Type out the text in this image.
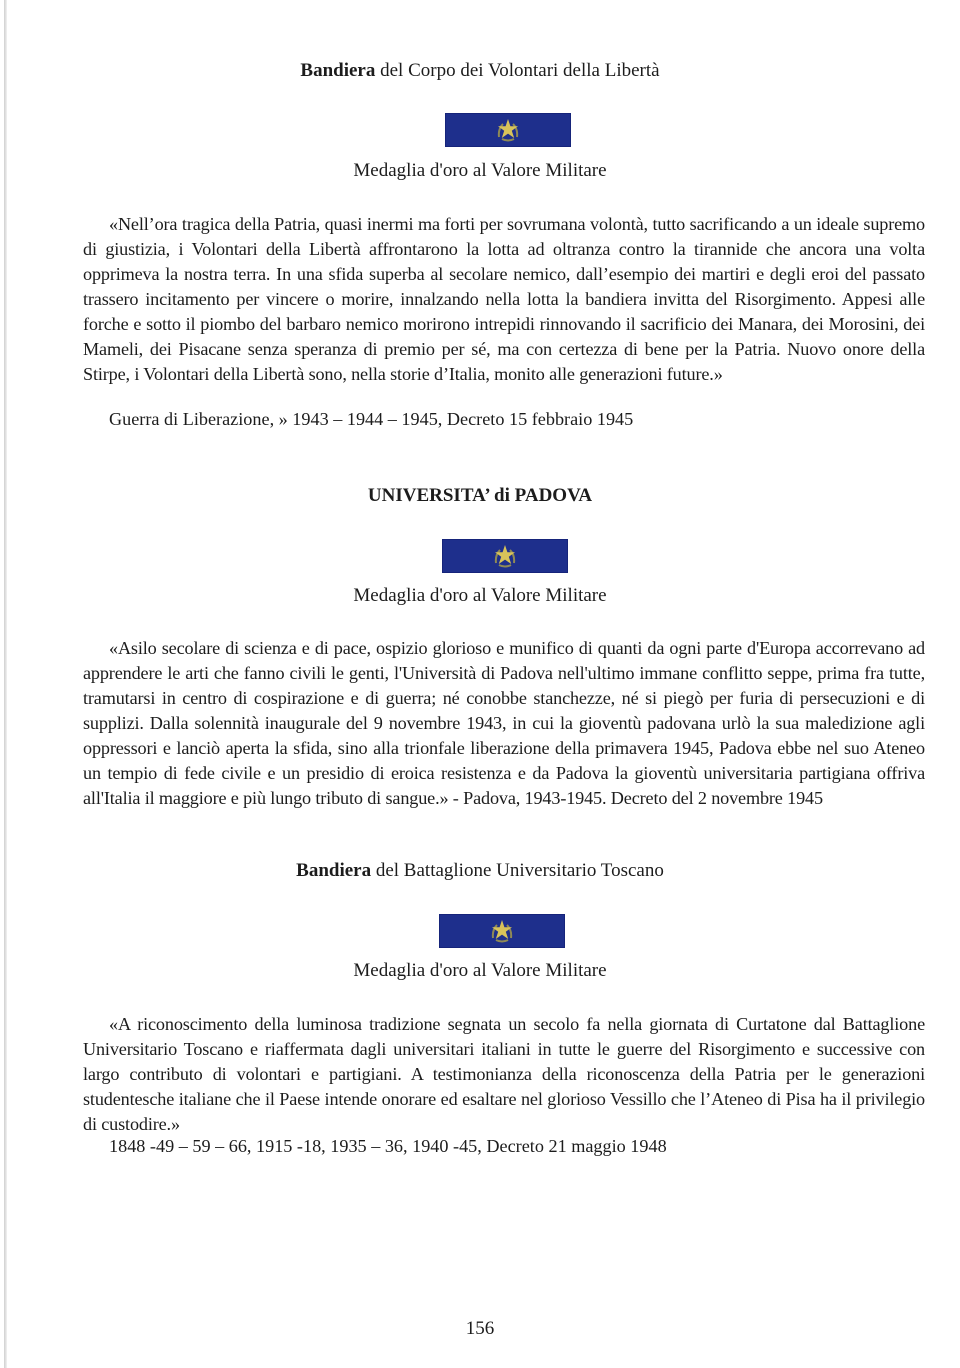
Bandiera del Corpo dei Volontari della Libertà
Medaglia d'oro al Valore Militare
«Nell’ora tragica della Patria, quasi inermi ma forti per sovrumana volontà, tutto sacrificando a un ideale supremo di giustizia, i Volontari della Libertà affrontarono la lotta ad oltranza contro la tirannide che ancora una volta opprimeva la nostra terra. In una sfida superba al secolare nemico, dall’esempio dei martiri e degli eroi del passato trassero incitamento per vincere o morire, innalzando nella lotta la bandiera invitta del Risorgimento. Appesi alle forche e sotto il piombo del barbaro nemico morirono intrepidi rinnovando il sacrificio dei Manara, dei Morosini, dei Mameli, dei Pisacane senza speranza di premio per sé, ma con certezza di bene per la Patria. Nuovo onore della Stirpe, i Volontari della Libertà sono, nella storie d’Italia, monito alle generazioni future.»
Guerra di Liberazione, » 1943 – 1944 – 1945, Decreto 15 febbraio 1945
UNIVERSITA’ di PADOVA
Medaglia d'oro al Valore Militare
«Asilo secolare di scienza e di pace, ospizio glorioso e munifico di quanti da ogni parte d'Europa accorrevano ad apprendere le arti che fanno civili le genti, l'Università di Padova nell'ultimo immane conflitto seppe, prima fra tutte, tramutarsi in centro di cospirazione e di guerra; né conobbe stanchezze, né si piegò per furia di persecuzioni e di supplizi. Dalla solennità inaugurale del 9 novembre 1943, in cui la gioventù padovana urlò la sua maledizione agli oppressori e lanciò aperta la sfida, sino alla trionfale liberazione della primavera 1945, Padova ebbe nel suo Ateneo un tempio di fede civile e un presidio di eroica resistenza e da Padova la gioventù universitaria partigiana offriva all'Italia il maggiore e più lungo tributo di sangue.» - Padova, 1943-1945. Decreto del 2 novembre 1945
Bandiera del Battaglione Universitario Toscano
Medaglia d'oro al Valore Militare
«A riconoscimento della luminosa tradizione segnata un secolo fa nella giornata di Curtatone dal Battaglione Universitario Toscano e riaffermata dagli universitari italiani in tutte le guerre del Risorgimento e successive con largo contributo di volontari e partigiani. A testimonianza della riconoscenza della Patria per le generazioni studentesche italiane che il Paese intende onorare ed esaltare nel glorioso Vessillo che l’Ateneo di Pisa ha il privilegio di custodire.»
1848 -49 – 59 – 66, 1915 -18, 1935 – 36, 1940 -45, Decreto 21 maggio 1948
156
